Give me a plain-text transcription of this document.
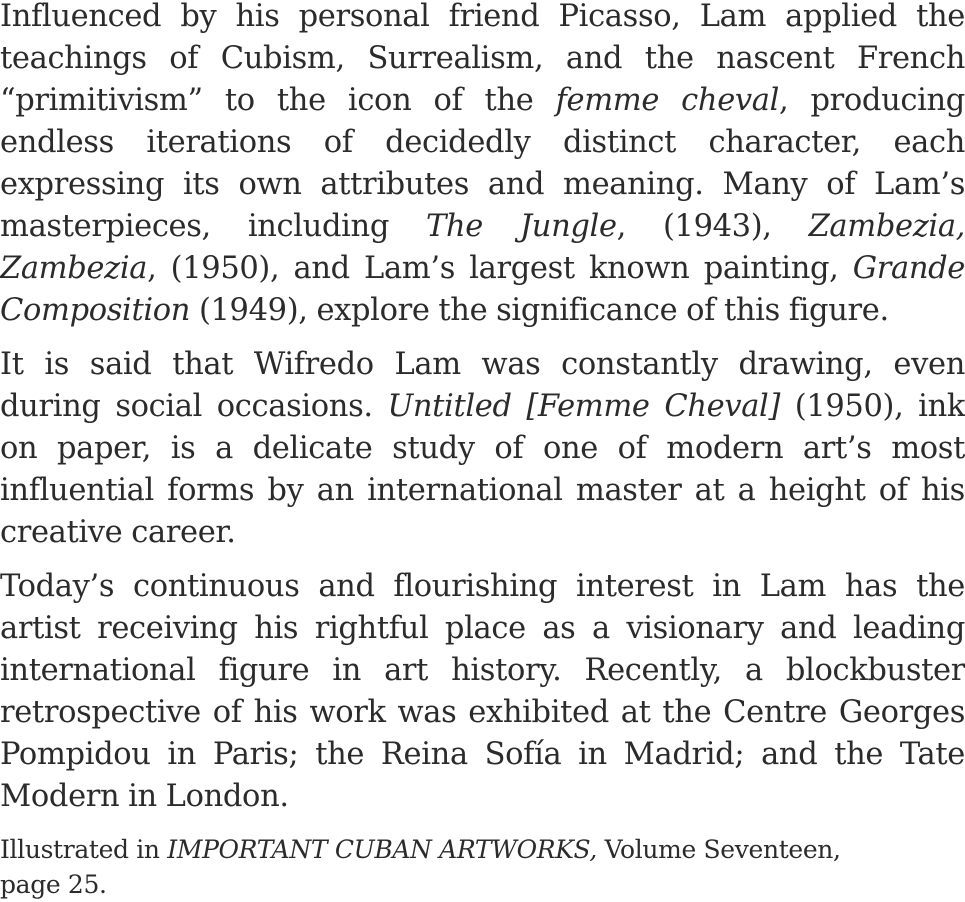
Influenced by his personal friend Picasso, Lam applied the teachings of Cubism, Surrealism, and the nascent French “primitivism” to the icon of the femme cheval, producing endless iterations of decidedly distinct character, each expressing its own attributes and meaning. Many of Lam’s masterpieces, including The Jungle, (1943), Zambezia, Zambezia, (1950), and Lam’s largest known painting, Grande Composition (1949), explore the significance of this figure.

It is said that Wifredo Lam was constantly drawing, even during social occasions. Untitled [Femme Cheval] (1950), ink on paper, is a delicate study of one of modern art’s most influential forms by an international master at a height of his creative career.

Today’s continuous and flourishing interest in Lam has the artist receiving his rightful place as a visionary and leading international figure in art history. Recently, a blockbuster retrospective of his work was exhibited at the Centre Georges Pompidou in Paris; the Reina Sofía in Madrid; and the Tate Modern in London.

Illustrated in IMPORTANT CUBAN ARTWORKS, Volume Seventeen, page 25.
